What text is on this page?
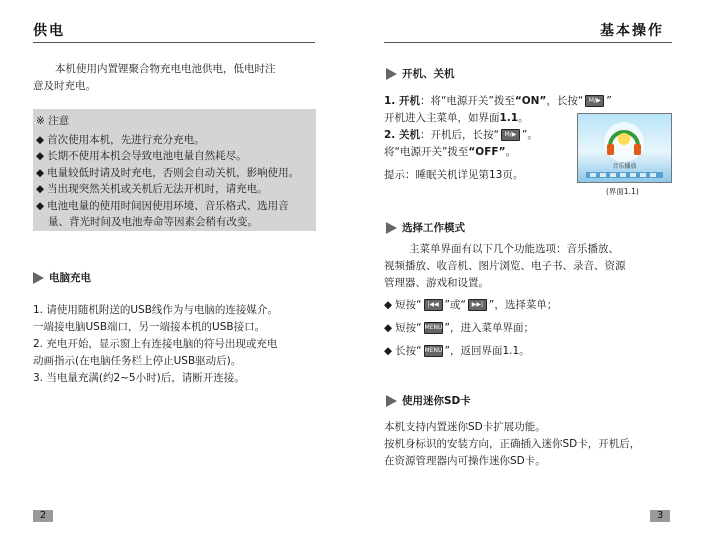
供电
本机使用内置锂聚合物充电电池供电，低电时注
意及时充电。
※ 注意
◆ 首次使用本机，先进行充分充电。
◆ 长期不使用本机会导致电池电量自然耗尽。
◆ 电量较低时请及时充电，否则会自动关机，影响使用。
◆ 当出现突然关机或关机后无法开机时，请充电。
◆ 电池电量的使用时间因使用环境、音乐格式、选用音
量、背光时间及电池寿命等因素会稍有改变。
电脑充电
1. 请使用随机附送的USB线作为与电脑的连接媒介。
一端接电脑USB端口，另一端接本机的USB接口。
2. 充电开始，显示窗上有连接电脑的符号出现或充电
动画指示(在电脑任务栏上停止USB驱动后)。
3. 当电量充满(约2~5小时)后，请断开连接。
2
基本操作
开机、关机
1. 开机：将“电源开关”拨至“ON”，长按“ M/▶ ”
开机进入主菜单，如界面1.1。
2. 关机：开机后，长按“ M/▶ ”。
将“电源开关”拨至“OFF”。
提示：睡眠关机详见第13页。
音乐播放
(界面1.1)
选择工作模式
主菜单界面有以下几个功能选项：音乐播放、
视频播放、收音机、图片浏览、电子书、录音、资源
管理器、游戏和设置。
◆ 短按“ |◀◀ ”或“ ▶▶| ”，选择菜单；
◆ 短按“ MENU ”，进入菜单界面；
◆ 长按“ MENU ”，返回界面1.1。
使用迷你SD卡
本机支持内置迷你SD卡扩展功能。
按机身标识的安装方向，正确插入迷你SD卡，开机后，
在资源管理器内可操作迷你SD卡。
3
